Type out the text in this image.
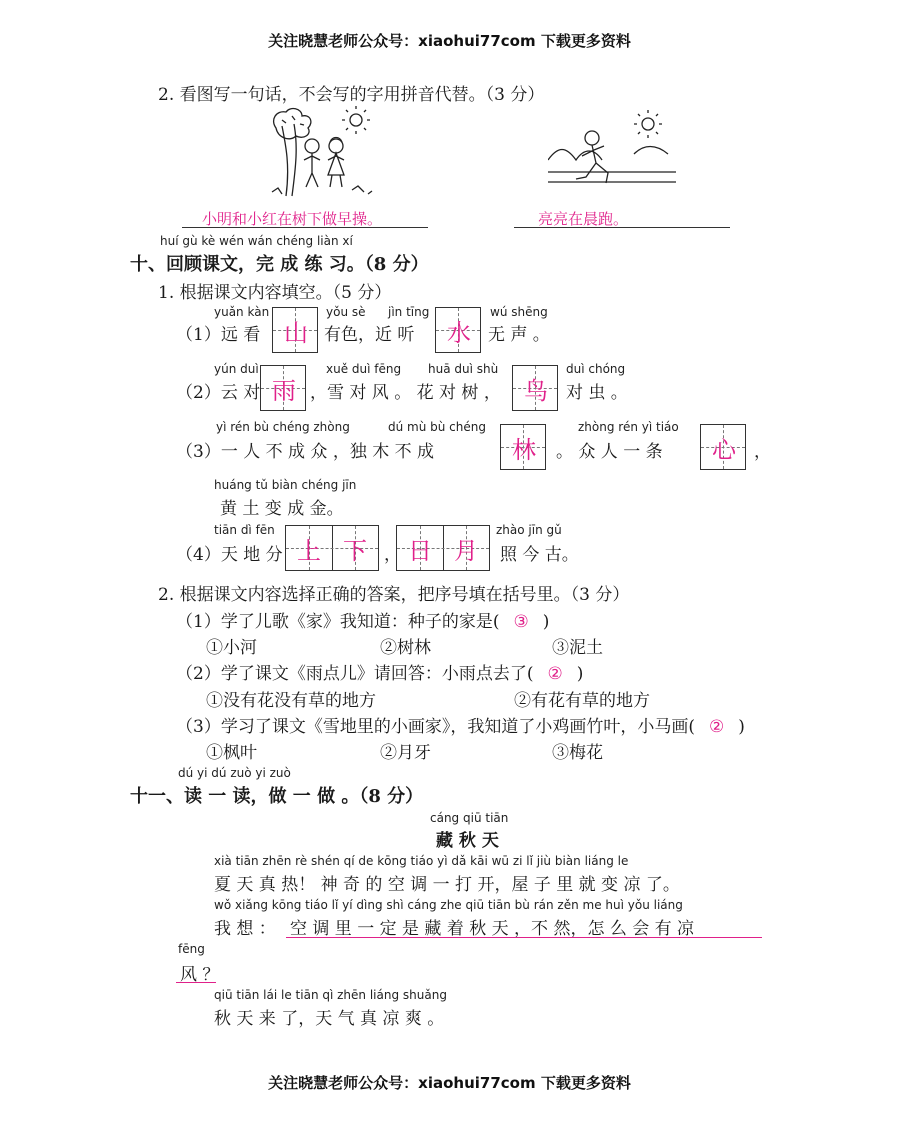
关注晓慧老师公众号：xiaohui77com 下载更多资料
2. 看图写一句话，不会写的字用拼音代替。（3 分）
小明和小红在树下做早操。	亮亮在晨跑。
huí gù kè wén wán chéng liàn xí
十、回顾课文，完 成 练 习。（8 分）
1. 根据课文内容填空。（5 分）
yuǎn kàn	yǒu sè jìn tīng	wú shēng
（1）远 看 山 有色，近 听	水	无 声 。
yún duì	xuě duì fēng huā duì shù	duì chóng
（2）云 对 雨 ，雪 对 风 。 花 对 树 ， 鸟	对 虫 。
yì rén bù chéng zhòng	dú mù bù chéng	zhòng rén yì tiáo
（3）一 人 不 成 众 ，独 木 不 成	林	。 众 人 一 条	心	，
huáng tǔ biàn chéng jīn
黄 土 变 成 金。
tiān dì fēn	zhào jīn gǔ
（4）天 地 分 上 下	， 日 月	照 今 古。
2. 根据课文内容选择正确的答案，把序号填在括号里。（3 分）
（1）学了儿歌《家》我知道：种子的家是( ③ )
①小河	②树林	③泥土
（2）学了课文《雨点儿》请回答：小雨点去了( ② )
①没有花没有草的地方	②有花有草的地方
（3）学习了课文《雪地里的小画家》，我知道了小鸡画竹叶，小马画( ② )
①枫叶	②月牙	③梅花
dú yi dú zuò yi zuò
十一、读 一 读，做 一 做 。（8 分）
cáng qiū tiān
藏 秋 天
xià tiān zhēn rè shén qí de kōng tiáo yì dǎ kāi wū zi lǐ jiù biàn liáng le
夏 天 真 热！ 神 奇 的 空 调 一 打 开，屋 子 里 就 变 凉 了。
wǒ xiǎng kōng tiáo lǐ yí dìng shì cáng zhe qiū tiān bù rán zěn me huì yǒu liáng
我 想 ： 空 调 里 一 定 是 藏 着 秋 天 ，不 然，怎 么 会 有 凉
fēng
风 ？
qiū tiān lái le tiān qì zhēn liáng shuǎng
秋 天 来 了，天 气 真 凉 爽 。
关注晓慧老师公众号：xiaohui77com 下载更多资料
